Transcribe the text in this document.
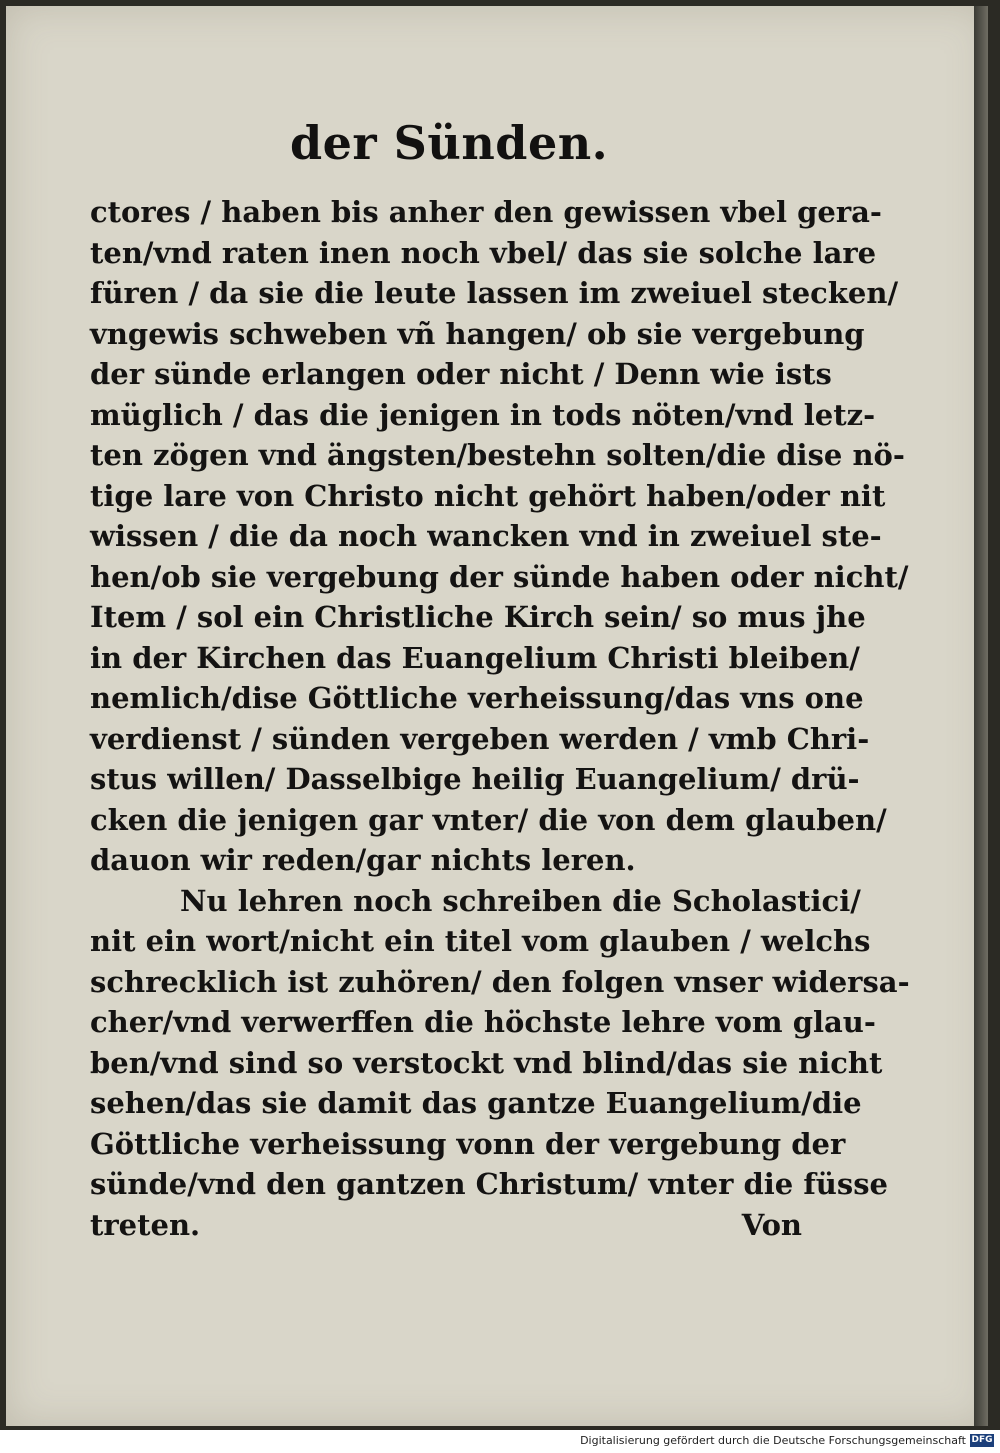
der Sünden.
ctores / haben bis anher den gewissen vbel gera-
ten/vnd raten inen noch vbel/ das sie solche lare
füren / da sie die leute lassen im zweiuel stecken/
vngewis schweben vñ hangen/ ob sie vergebung
der sünde erlangen oder nicht / Denn wie ists
müglich / das die jenigen in tods nöten/vnd letz-
ten zögen vnd ängsten/bestehn solten/die dise nö-
tige lare von Christo nicht gehört haben/oder nit
wissen / die da noch wancken vnd in zweiuel ste-
hen/ob sie vergebung der sünde haben oder nicht/
Item / sol ein Christliche Kirch sein/ so mus jhe
in der Kirchen das Euangelium Christi bleiben/
nemlich/dise Göttliche verheissung/das vns one
verdienst / sünden vergeben werden / vmb Chri-
stus willen/ Dasselbige heilig Euangelium/ drü-
cken die jenigen gar vnter/ die von dem glauben/
dauon wir reden/gar nichts leren.
Nu lehren noch schreiben die Scholastici/
nit ein wort/nicht ein titel vom glauben / welchs
schrecklich ist zuhören/ den folgen vnser widersa-
cher/vnd verwerffen die höchste lehre vom glau-
ben/vnd sind so verstockt vnd blind/das sie nicht
sehen/das sie damit das gantze Euangelium/die
Göttliche verheissung vonn der vergebung der
sünde/vnd den gantzen Christum/ vnter die füsse
treten.	Von
Digitalisierung gefördert durch die Deutsche Forschungsgemeinschaft DFG
